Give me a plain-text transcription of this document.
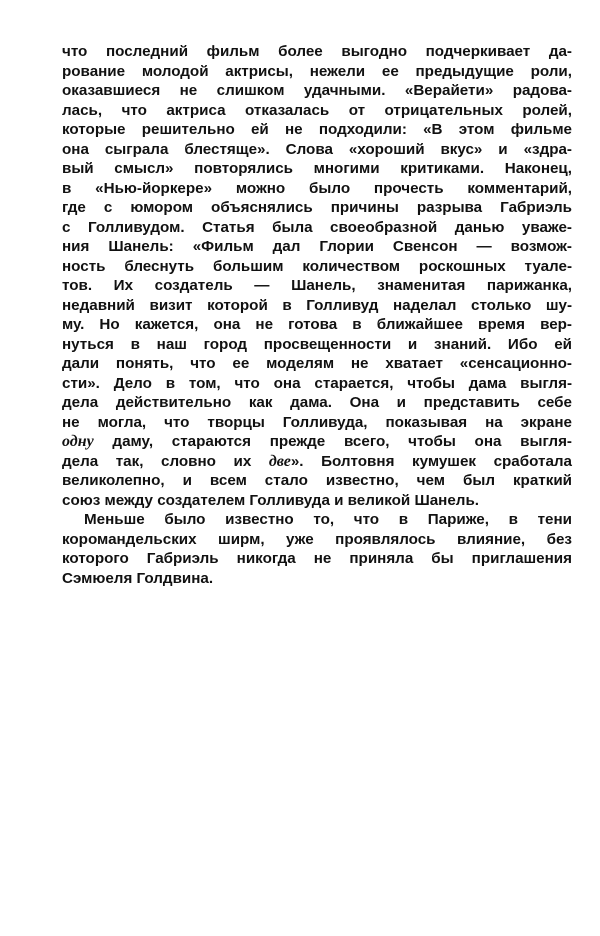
что последний фильм более выгодно подчеркивает да-
рование молодой актрисы, нежели ее предыдущие роли,
оказавшиеся не слишком удачными. «Верайети» радова-
лась, что актриса отказалась от отрицательных ролей,
которые решительно ей не подходили: «В этом фильме
она сыграла блестяще». Слова «хороший вкус» и «здра-
вый смысл» повторялись многими критиками. Наконец,
в «Нью-йоркере» можно было прочесть комментарий,
где с юмором объяснялись причины разрыва Габриэль
с Голливудом. Статья была своеобразной данью уваже-
ния Шанель: «Фильм дал Глории Свенсон — возмож-
ность блеснуть большим количеством роскошных туале-
тов. Их создатель — Шанель, знаменитая парижанка,
недавний визит которой в Голливуд наделал столько шу-
му. Но кажется, она не готова в ближайшее время вер-
нуться в наш город просвещенности и знаний. Ибо ей
дали понять, что ее моделям не хватает «сенсационно-
сти». Дело в том, что она старается, чтобы дама выгля-
дела действительно как дама. Она и представить себе
не могла, что творцы Голливуда, показывая на экране
одну даму, стараются прежде всего, чтобы она выгля-
дела так, словно их две». Болтовня кумушек сработала
великолепно, и всем стало известно, чем был краткий
союз между создателем Голливуда и великой Шанель.
Меньше было известно то, что в Париже, в тени
коромандельских ширм, уже проявлялось влияние, без
которого Габриэль никогда не приняла бы приглашения
Сэмюеля Голдвина.
